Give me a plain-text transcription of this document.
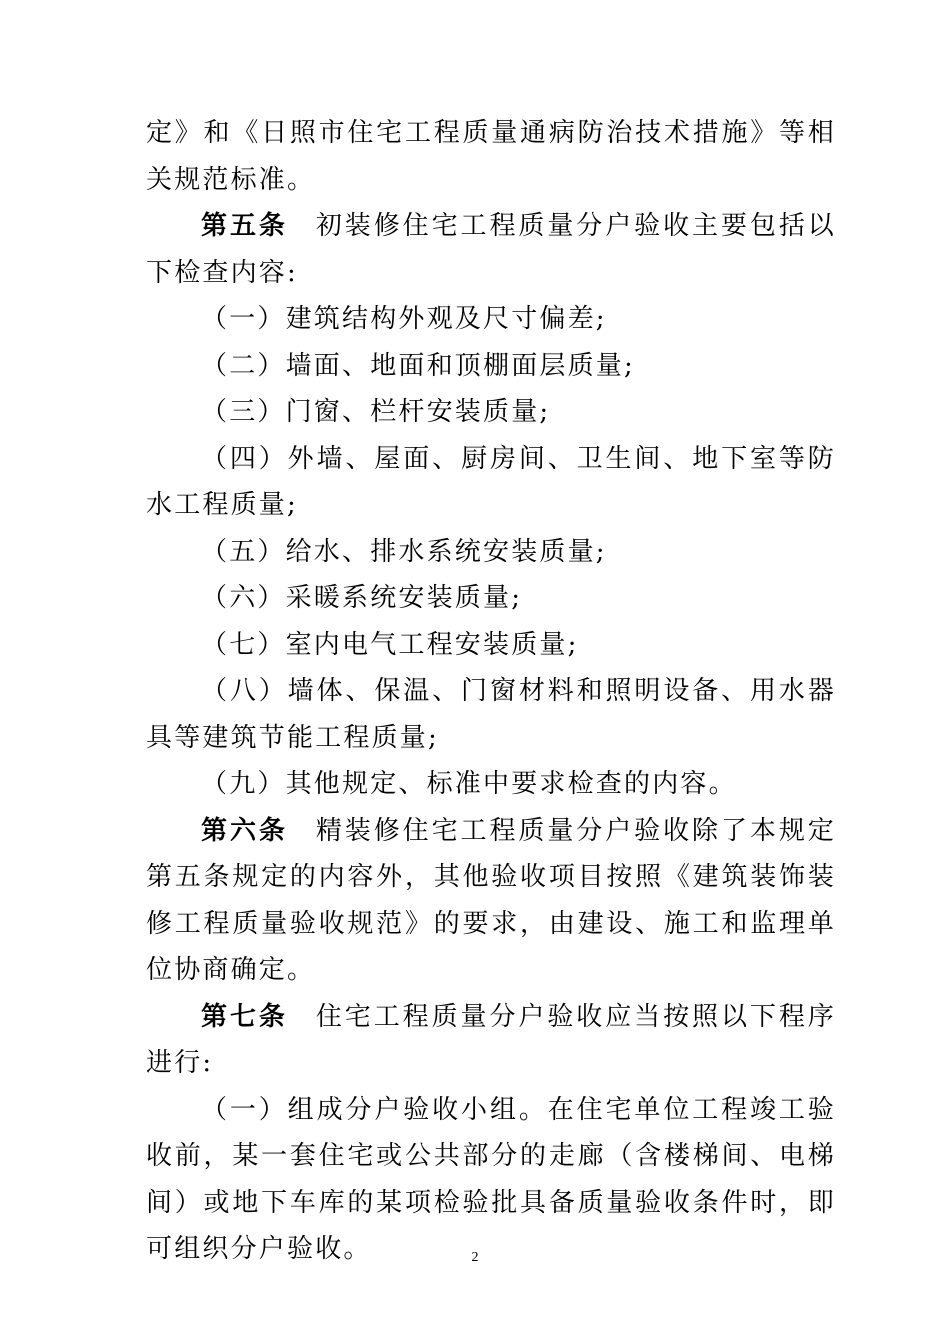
定》和《日照市住宅工程质量通病防治技术措施》等相关规范标准。

第五条 初装修住宅工程质量分户验收主要包括以下检查内容:

（一）建筑结构外观及尺寸偏差;

（二）墙面、地面和顶棚面层质量;

（三）门窗、栏杆安装质量;

（四）外墙、屋面、厨房间、卫生间、地下室等防水工程质量;

（五）给水、排水系统安装质量;

（六）采暖系统安装质量;

（七）室内电气工程安装质量;

（八）墙体、保温、门窗材料和照明设备、用水器具等建筑节能工程质量;

（九）其他规定、标准中要求检查的内容。

第六条 精装修住宅工程质量分户验收除了本规定第五条规定的内容外，其他验收项目按照《建筑装饰装修工程质量验收规范》的要求，由建设、施工和监理单位协商确定。

第七条 住宅工程质量分户验收应当按照以下程序进行:

（一）组成分户验收小组。在住宅单位工程竣工验收前，某一套住宅或公共部分的走廊（含楼梯间、电梯间）或地下车库的某项检验批具备质量验收条件时，即可组织分户验收。	2
